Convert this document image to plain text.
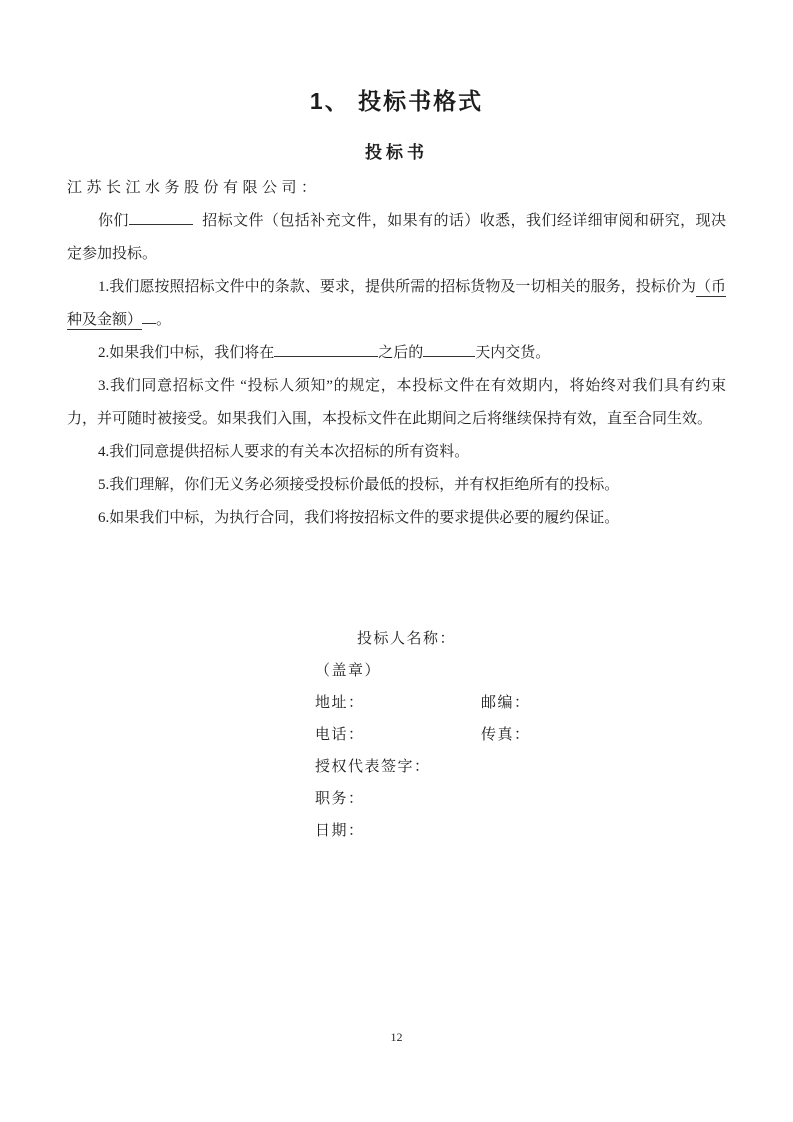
1、 投标书格式
投标书

江苏长江水务股份有限公司：

你们	招标文件（包括补充文件，如果有的话）收悉，我们经详细审阅和研究，现决定参加投标。

1.我们愿按照招标文件中的条款、要求，提供所需的招标货物及一切相关的服务，投标价为（币种及金额） 。

2.如果我们中标，我们将在	之后的	天内交货。

3.我们同意招标文件 “投标人须知”的规定，本投标文件在有效期内，将始终对我们具有约束力，并可随时被接受。如果我们入围，本投标文件在此期间之后将继续保持有效，直至合同生效。

4.我们同意提供招标人要求的有关本次招标的所有资料。

5.我们理解，你们无义务必须接受投标价最低的投标，并有权拒绝所有的投标。

6.如果我们中标，为执行合同，我们将按招标文件的要求提供必要的履约保证。

投标人名称：

（盖章）

地址：	邮编：

电话：	传真：

授权代表签字：

职务：

日期：

12
